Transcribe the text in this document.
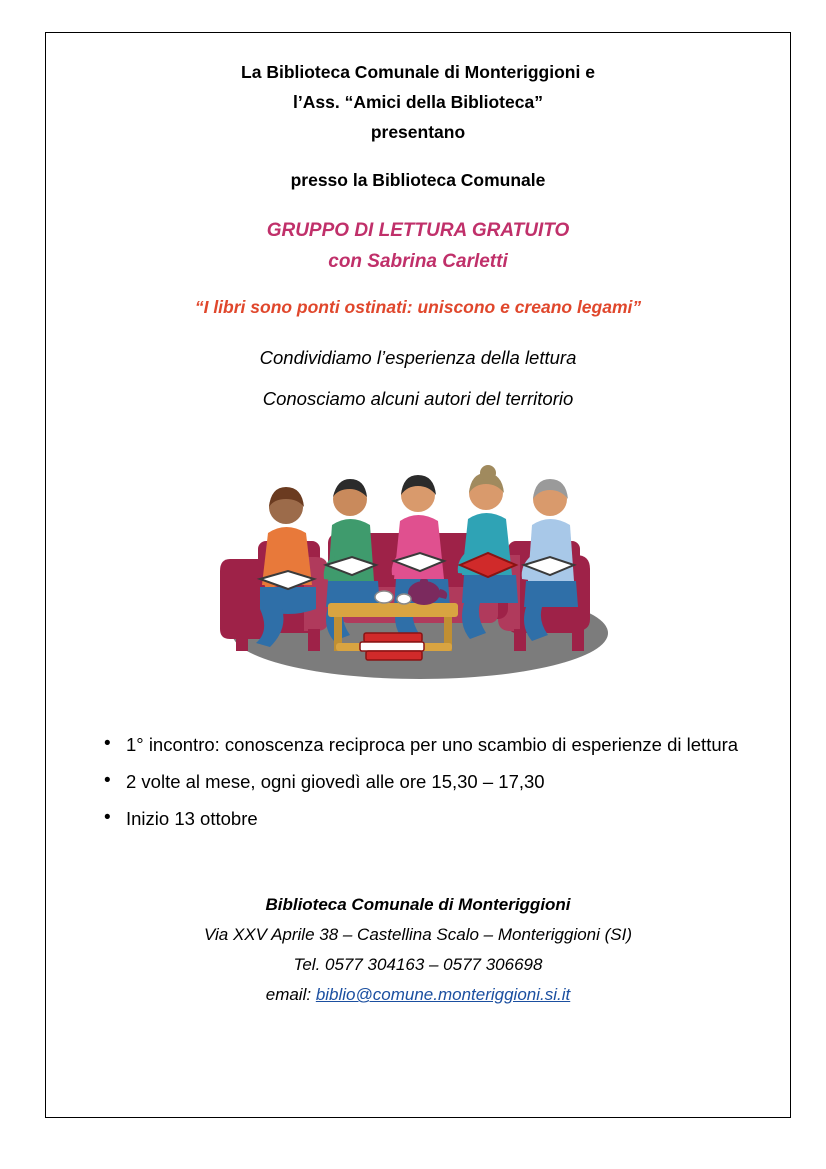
La Biblioteca Comunale di Monteriggioni e
l’Ass. “Amici della Biblioteca”
presentano
presso la Biblioteca Comunale
GRUPPO DI LETTURA GRATUITO
con Sabrina Carletti
“I libri sono ponti ostinati: uniscono e creano legami”
Condividiamo l’esperienza della lettura
Conosciamo alcuni autori del territorio
• 1° incontro: conoscenza reciproca per uno scambio di esperienze di lettura
• 2 volte al mese, ogni giovedì alle ore 15,30 – 17,30
• Inizio 13 ottobre
Biblioteca Comunale di Monteriggioni
Via XXV Aprile 38 – Castellina Scalo – Monteriggioni (SI)
Tel. 0577 304163 – 0577 306698
email: biblio@comune.monteriggioni.si.it
